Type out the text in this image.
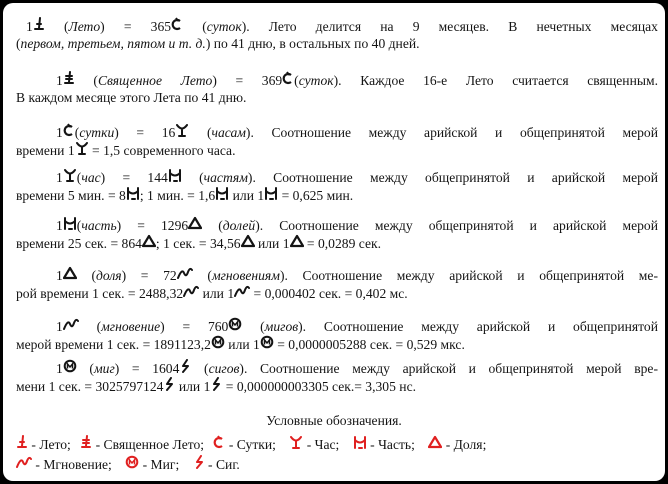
1
(Лето) = 365
(суток). Лето делится на 9 месяцев. В нечетных месяцах
(первом, третьем, пятом и т. д.) по 41 дню, в остальных по 40 дней.
1
(Священное Лето) = 369 (суток). Каждое 16-е Лето считается священным.
В каждом месяце этого Лета по 41 дню.
1 (сутки) = 16
(часам). Соотношение между арийской и общепринятой мерой
времени 1
= 1,5 современного часа.
1 (час) = 144
(частям). Соотношение между общепринятой и арийской мерой
времени 5 мин. = 8 ; 1 мин. = 1,6
или 1
= 0,625 мин.
1 (часть) = 1296
(долей). Соотношение между общепринятой и арийской мерой
времени 25 сек. = 864 ; 1 сек. = 34,56
или 1
= 0,0289 сек.
1
(доля) = 72
(мгновениям). Соотношение между арийской и общепринятой ме-
рой времени 1 сек. = 2488,32
или 1
= 0,000402 сек. = 0,402 мс.
1
(мгновение) = 760
(мигов). Соотношение между арийской и общепринятой
мерой времени 1 сек. = 1891123,2
или 1
= 0,0000005288 сек. = 0,529 мкс.
1
(миг) = 1604
(сигов). Соотношение между арийской и общепринятой мерой вре-
мени 1 сек. = 3025797124
или 1
= 0,000000003305 сек.= 3,305 нс.
Условные обозначения.
- Лето;
- Священное Лето;
- Сутки;
- Час;
- Часть;
- Доля;
- Мгновение;
- Миг;
- Сиг.
